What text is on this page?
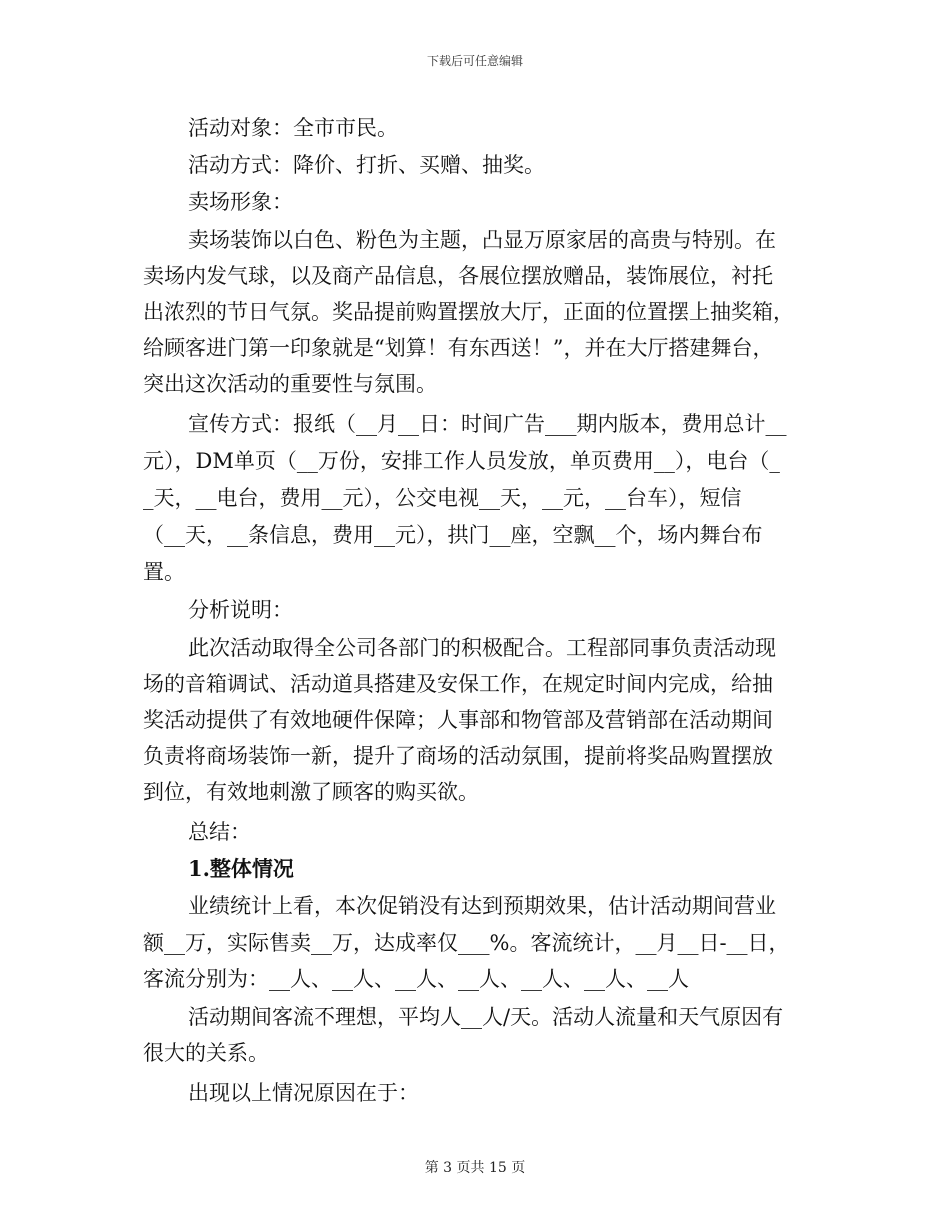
下载后可任意编辑
活动对象：全市市民。
活动方式：降价、打折、买赠、抽奖。
卖场形象：
卖场装饰以白色、粉色为主题，凸显万原家居的高贵与特别。在
卖场内发气球，以及商产品信息，各展位摆放赠品，装饰展位，衬托
出浓烈的节日气氛。奖品提前购置摆放大厅，正面的位置摆上抽奖箱，
给顾客进门第一印象就是“划算！有东西送！”，并在大厅搭建舞台，
突出这次活动的重要性与氛围。
宣传方式：报纸（__月__日：时间广告___期内版本，费用总计__
元），DM单页（__万份，安排工作人员发放，单页费用__），电台（_
_天，__电台，费用__元），公交电视__天，__元，__台车），短信
（__天，__条信息，费用__元），拱门__座，空飘__个，场内舞台布
置。
分析说明：
此次活动取得全公司各部门的积极配合。工程部同事负责活动现
场的音箱调试、活动道具搭建及安保工作，在规定时间内完成，给抽
奖活动提供了有效地硬件保障；人事部和物管部及营销部在活动期间
负责将商场装饰一新，提升了商场的活动氛围，提前将奖品购置摆放
到位，有效地刺激了顾客的购买欲。
总结：
1.整体情况
业绩统计上看，本次促销没有达到预期效果，估计活动期间营业
额__万，实际售卖__万，达成率仅___%。客流统计，__月__日-__日，
客流分别为：__人、__人、__人、__人、__人、__人、__人
活动期间客流不理想，平均人__人/天。活动人流量和天气原因有
很大的关系。
出现以上情况原因在于：
第 3 页共 15 页
